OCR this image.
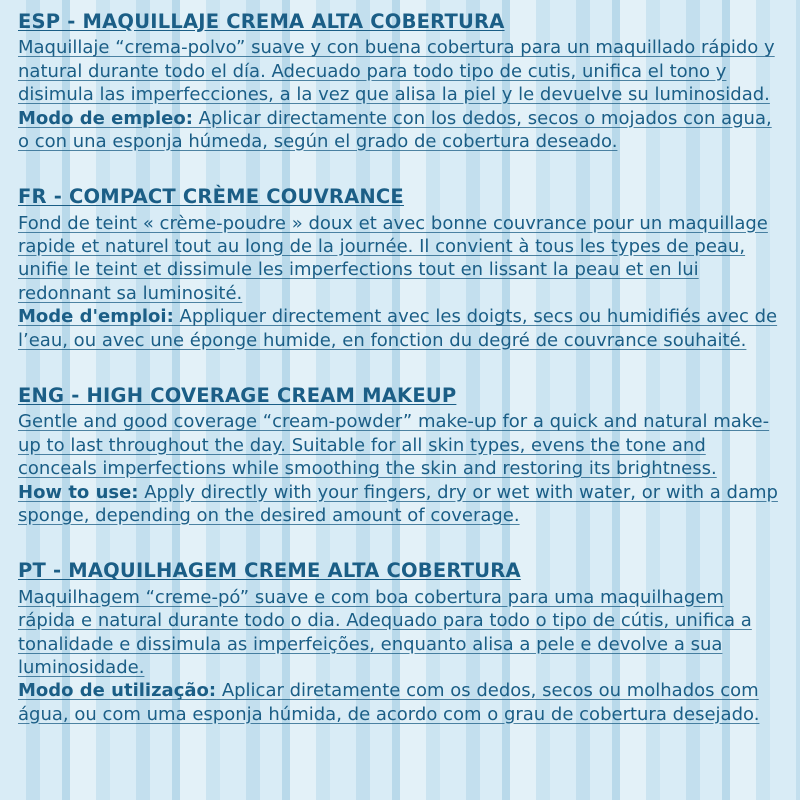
ESP - MAQUILLAJE CREMA ALTA COBERTURA
Maquillaje “crema-polvo” suave y con buena cobertura para un maquillado rápido y natural durante todo el día. Adecuado para todo tipo de cutis, unifica el tono y disimula las imperfecciones, a la vez que alisa la piel y le devuelve su luminosidad.
Modo de empleo: Aplicar directamente con los dedos, secos o mojados con agua, o con una esponja húmeda, según el grado de cobertura deseado.
FR - COMPACT CRÈME COUVRANCE
Fond de teint « crème-poudre » doux et avec bonne couvrance pour un maquillage rapide et naturel tout au long de la journée. Il convient à tous les types de peau, unifie le teint et dissimule les imperfections tout en lissant la peau et en lui redonnant sa luminosité.
Mode d'emploi: Appliquer directement avec les doigts, secs ou humidifiés avec de l’eau, ou avec une éponge humide, en fonction du degré de couvrance souhaité.
ENG - HIGH COVERAGE CREAM MAKEUP
Gentle and good coverage “cream-powder” make-up for a quick and natural make-up to last throughout the day. Suitable for all skin types, evens the tone and conceals imperfections while smoothing the skin and restoring its brightness.
How to use: Apply directly with your fingers, dry or wet with water, or with a damp sponge, depending on the desired amount of coverage.
PT - MAQUILHAGEM CREME ALTA COBERTURA
Maquilhagem “creme-pó” suave e com boa cobertura para uma maquilhagem rápida e natural durante todo o dia. Adequado para todo o tipo de cútis, unifica a tonalidade e dissimula as imperfeições, enquanto alisa a pele e devolve a sua luminosidade.
Modo de utilização: Aplicar diretamente com os dedos, secos ou molhados com água, ou com uma esponja húmida, de acordo com o grau de cobertura desejado.
